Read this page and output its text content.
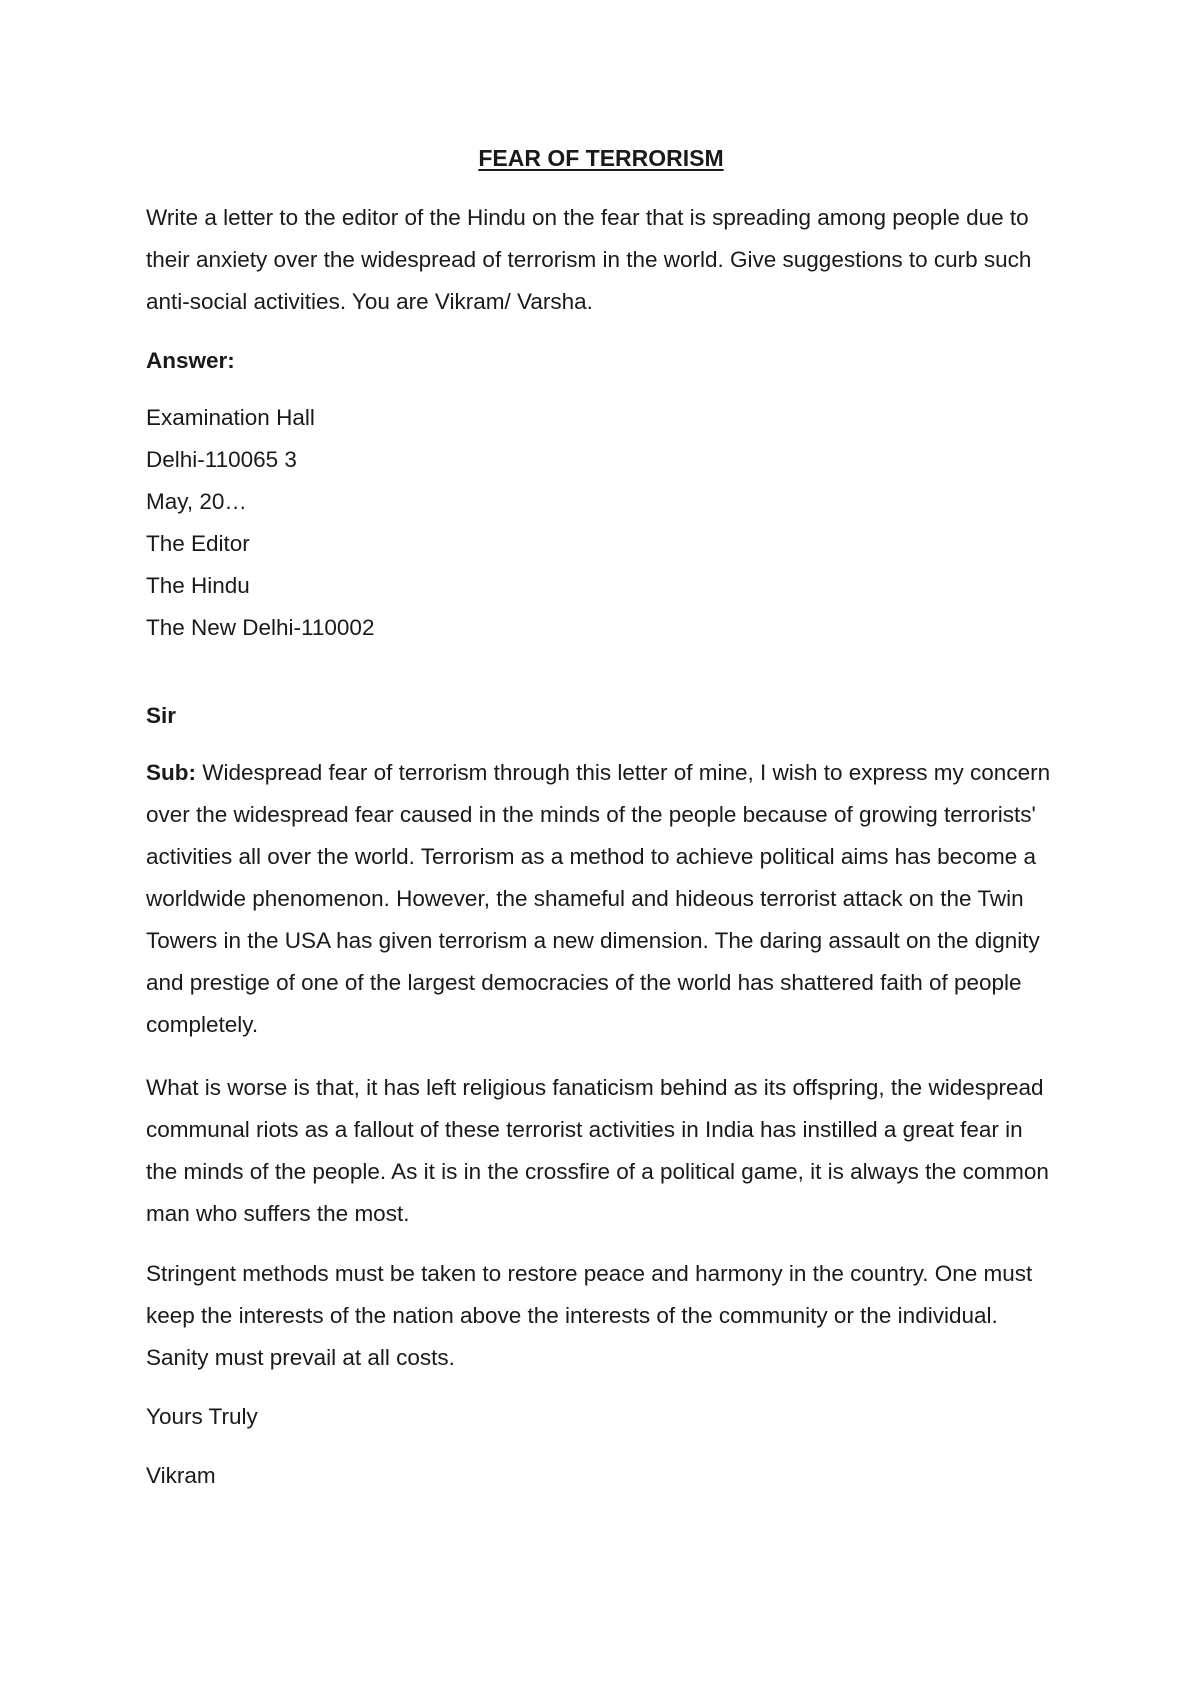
FEAR OF TERRORISM

Write a letter to the editor of the Hindu on the fear that is spreading among people due to their anxiety over the widespread of terrorism in the world. Give suggestions to curb such anti-social activities. You are Vikram/ Varsha.

Answer:

Examination Hall
Delhi-110065 3
May, 20…
The Editor
The Hindu
The New Delhi-110002

Sir

Sub: Widespread fear of terrorism through this letter of mine, I wish to express my concern over the widespread fear caused in the minds of the people because of growing terrorists' activities all over the world. Terrorism as a method to achieve political aims has become a worldwide phenomenon. However, the shameful and hideous terrorist attack on the Twin Towers in the USA has given terrorism a new dimension. The daring assault on the dignity and prestige of one of the largest democracies of the world has shattered faith of people completely.

What is worse is that, it has left religious fanaticism behind as its offspring, the widespread communal riots as a fallout of these terrorist activities in India has instilled a great fear in the minds of the people. As it is in the crossfire of a political game, it is always the common man who suffers the most.

Stringent methods must be taken to restore peace and harmony in the country. One must keep the interests of the nation above the interests of the community or the individual. Sanity must prevail at all costs.

Yours Truly

Vikram
